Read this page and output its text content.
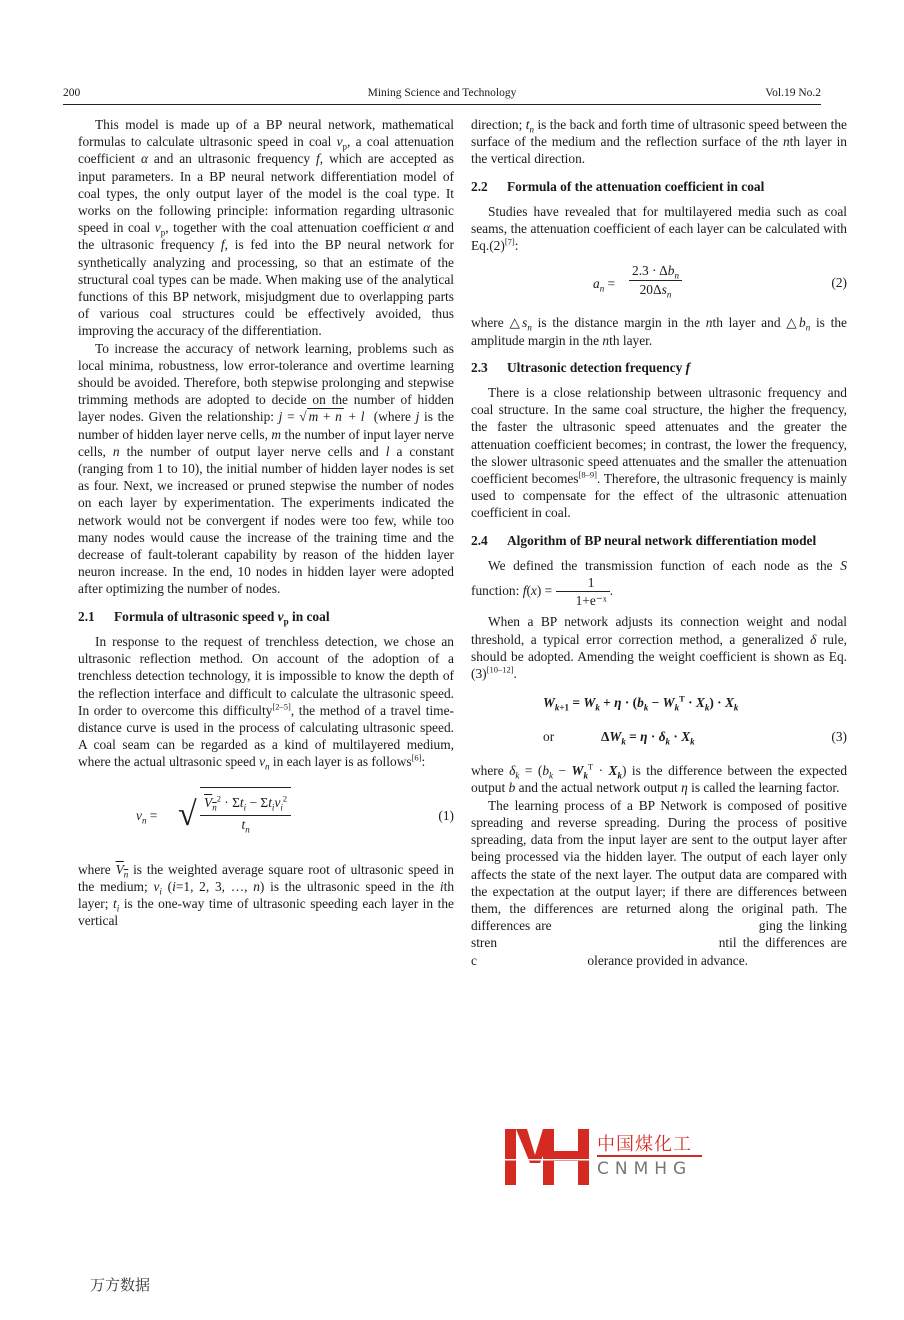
200	Mining Science and Technology	Vol.19 No.2

This model is made up of a BP neural network, mathematical formulas to calculate ultrasonic speed in coal $v_p$, a coal attenuation coefficient α and an ultrasonic frequency f, which are accepted as input parameters. In a BP neural network differentiation model of coal types, the only output layer of the model is the coal type. It works on the following principle: information regarding ultrasonic speed in coal $v_p$, together with the coal attenuation coefficient α and the ultrasonic frequency f, is fed into the BP neural network for synthetically analyzing and processing, so that an estimate of the structural coal types can be made. When making use of the analytical functions of this BP network, misjudgment due to overlapping parts of various coal structures could be effectively avoided, thus improving the accuracy of the differentiation.

To increase the accuracy of network learning, problems such as local minima, robustness, low error-tolerance and overtime learning should be avoided. Therefore, both stepwise prolonging and stepwise trimming methods are adopted to decide on the number of hidden layer nodes. Given the relationship: j = √ m + n + l  (where j is the number of hidden layer nerve cells, m the number of input layer nerve cells, n the number of output layer nerve cells and l a constant (ranging from 1 to 10), the initial number of hidden layer nodes is set as four. Next, we increased or pruned stepwise the number of nodes on each layer by experimentation. The experiments indicated the network would not be convergent if nodes were too few, while too many nodes would cause the increase of the training time and the decrease of fault-tolerant capability by reason of the hidden layer neuron increase. In the end, 10 nodes in hidden layer were adopted after optimizing the number of nodes.

2.1	Formula of ultrasonic speed $v_p$ in coal

In response to the request of trenchless detection, we chose an ultrasonic reflection method. On account of the adoption of a trenchless detection technology, it is impossible to know the depth of the reflection interface and difficult to calculate the ultrasonic speed. In order to overcome this difficulty[2–5], the method of a travel time-distance curve is used in the process of calculating ultrasonic speed. A coal seam can be regarded as a kind of multilayered medium, where the actual ultrasonic speed $v_n$ in each layer is as follows[6]:

$v_n$ = √ $V_n^2 \cdot \Sigma t_i - \Sigma t_iv_i^2$
$t_n$
(1)

where $V_n$ is the weighted average square root of ultrasonic speed in the medium; $v_i$ (i=1, 2, 3, …, n) is the ultrasonic speed in the ith layer; $t_i$ is the one-way time of ultrasonic speeding each layer in the vertical

direction; $t_n$ is the back and forth time of ultrasonic speed between the surface of the medium and the reflection surface of the nth layer in the vertical direction.

2.2	Formula of the attenuation coefficient in coal

Studies have revealed that for multilayered media such as coal seams, the attenuation coefficient of each layer can be calculated with Eq.(2)[7]:

$a_n$ =
$2.3 \cdot \Delta b_n$
$20\Delta s_n$
(2)

where $\triangle s_n$ is the distance margin in the nth layer and $\triangle b_n$ is the amplitude margin in the nth layer.

2.3	Ultrasonic detection frequency f

There is a close relationship between ultrasonic frequency and coal structure. In the same coal structure, the higher the frequency, the faster the ultrasonic speed attenuates and the greater the attenuation coefficient becomes; in contrast, the lower the frequency, the slower ultrasonic speed attenuates and the smaller the attenuation coefficient becomes[8–9]. Therefore, the ultrasonic frequency is mainly used to compensate for the effect of the ultrasonic attenuation coefficient in coal.

2.4	Algorithm of BP neural network differentiation model

We defined the transmission function of each node as the S function: $f(x) = \frac{1}{\text{1+e⁻ˣ}}$ .

When a BP network adjusts its connection weight and nodal threshold, a typical error correction method, a generalized δ rule, should be adopted. Amending the weight coefficient is shown as Eq.(3)[10–12].

$W_{k+1} = W_k + \eta \cdot (b_k - W_k^T \cdot X_k) \cdot X_k$
or	$\Delta W_k = \eta \cdot \delta_k \cdot X_k$	(3)

where $\delta_k = (b_k - W_k^T \cdot X_k)$ is the difference between the expected output b and the actual network output η is called the learning factor.

The learning process of a BP Network is composed of positive spreading and reverse spreading. During the process of positive spreading, data from the input layer are sent to the output layer after being processed via the hidden layer. The output of each layer only affects the state of the next layer. The output data are compared with the expectation at the output layer; if there are differences between them, the differences are returned along the original path. The differences are                                         ging the linking stren                                    ntil the differences are c                                 olerance provided in advance.

中国煤化工
CNMHG
万方数据
